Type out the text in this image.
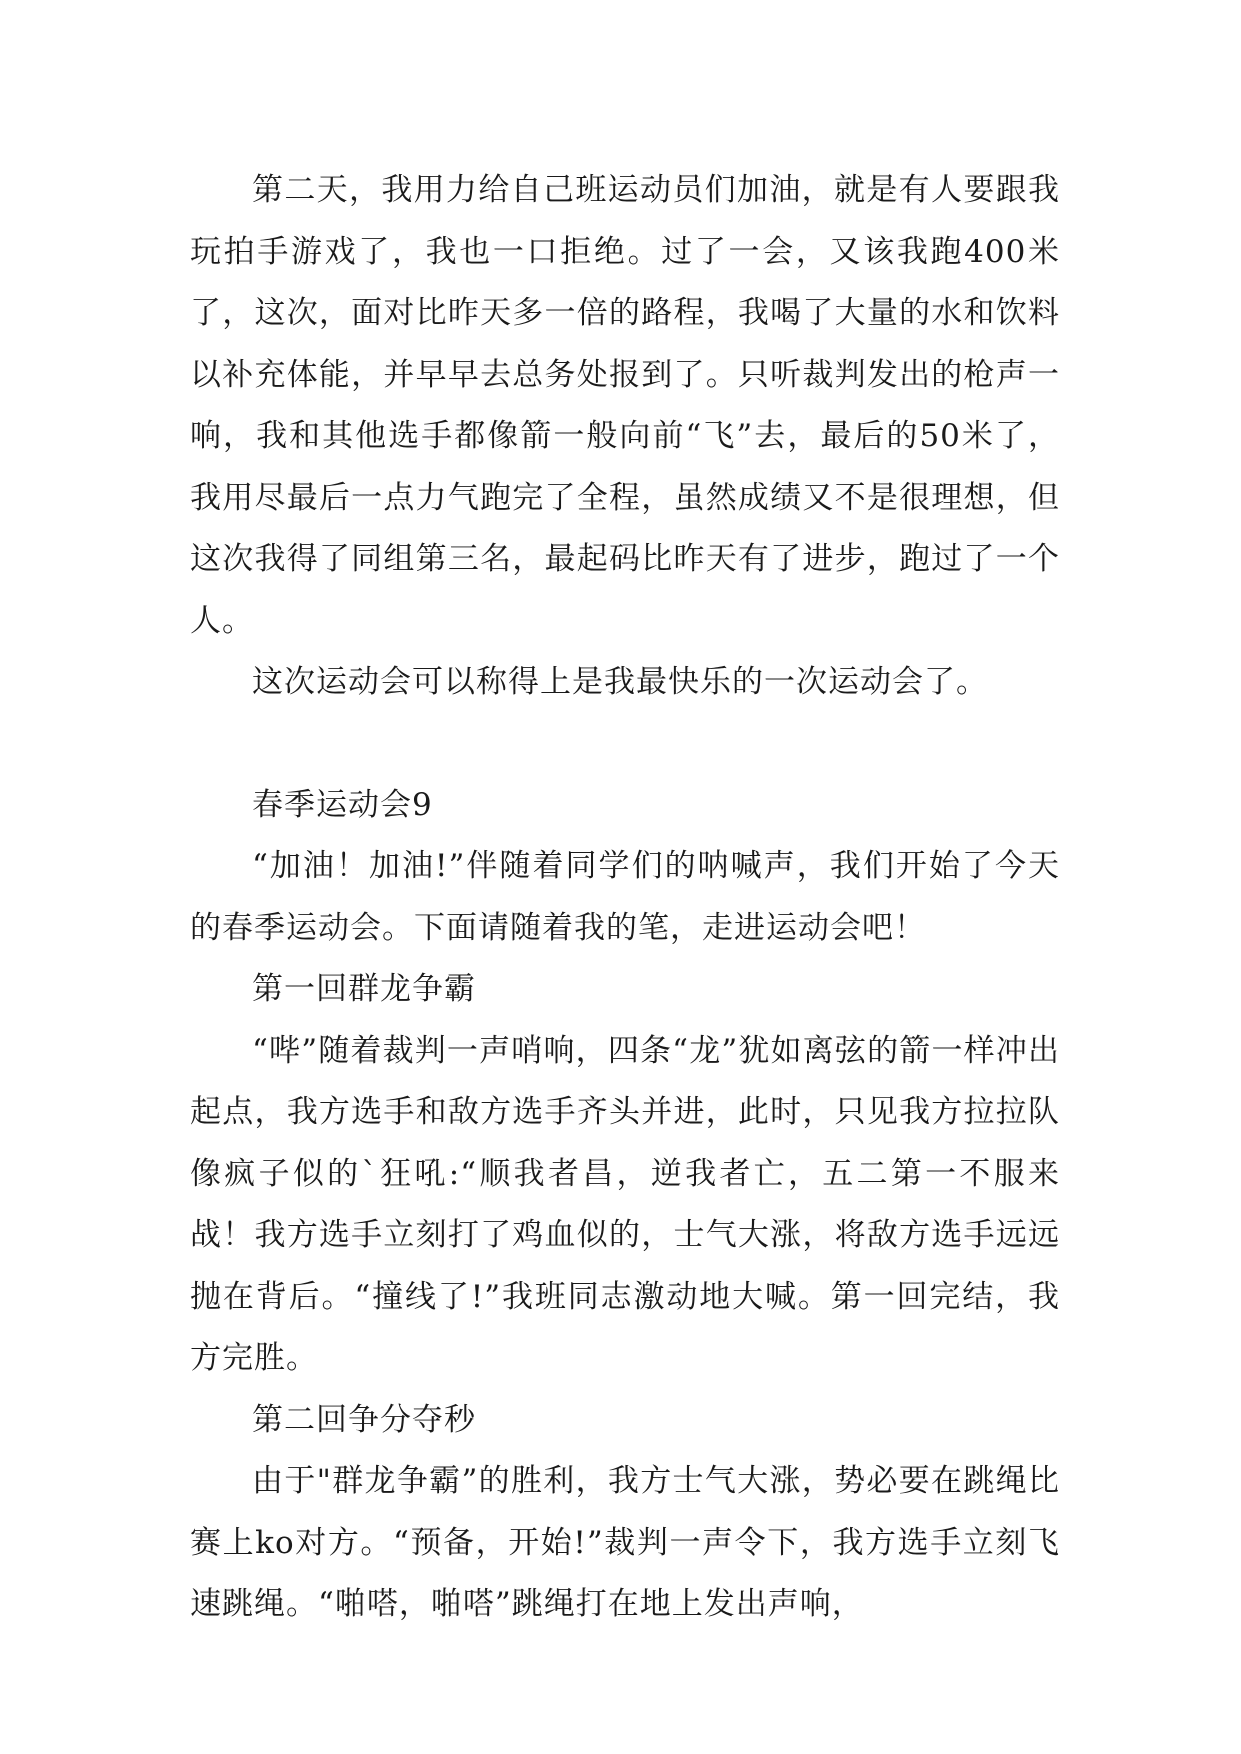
第二天，我用力给自己班运动员们加油，就是有人要跟我玩拍手游戏了，我也一口拒绝。过了一会，又该我跑400米了，这次，面对比昨天多一倍的路程，我喝了大量的水和饮料以补充体能，并早早去总务处报到了。只听裁判发出的枪声一响，我和其他选手都像箭一般向前“飞”去，最后的50米了，我用尽最后一点力气跑完了全程，虽然成绩又不是很理想，但这次我得了同组第三名，最起码比昨天有了进步，跑过了一个人。

这次运动会可以称得上是我最快乐的一次运动会了。

春季运动会9

“加油！加油!”伴随着同学们的呐喊声，我们开始了今天的春季运动会。下面请随着我的笔，走进运动会吧！

第一回群龙争霸

“哔”随着裁判一声哨响，四条“龙”犹如离弦的箭一样冲出起点，我方选手和敌方选手齐头并进，此时，只见我方拉拉队像疯子似的`狂吼:“顺我者昌，逆我者亡，五二第一不服来战！我方选手立刻打了鸡血似的，士气大涨，将敌方选手远远抛在背后。“撞线了!”我班同志激动地大喊。第一回完结，我方完胜。

第二回争分夺秒

由于"群龙争霸”的胜利，我方士气大涨，势必要在跳绳比赛上ko对方。“预备，开始!”裁判一声令下，我方选手立刻飞速跳绳。“啪嗒，啪嗒”跳绳打在地上发出声响，
